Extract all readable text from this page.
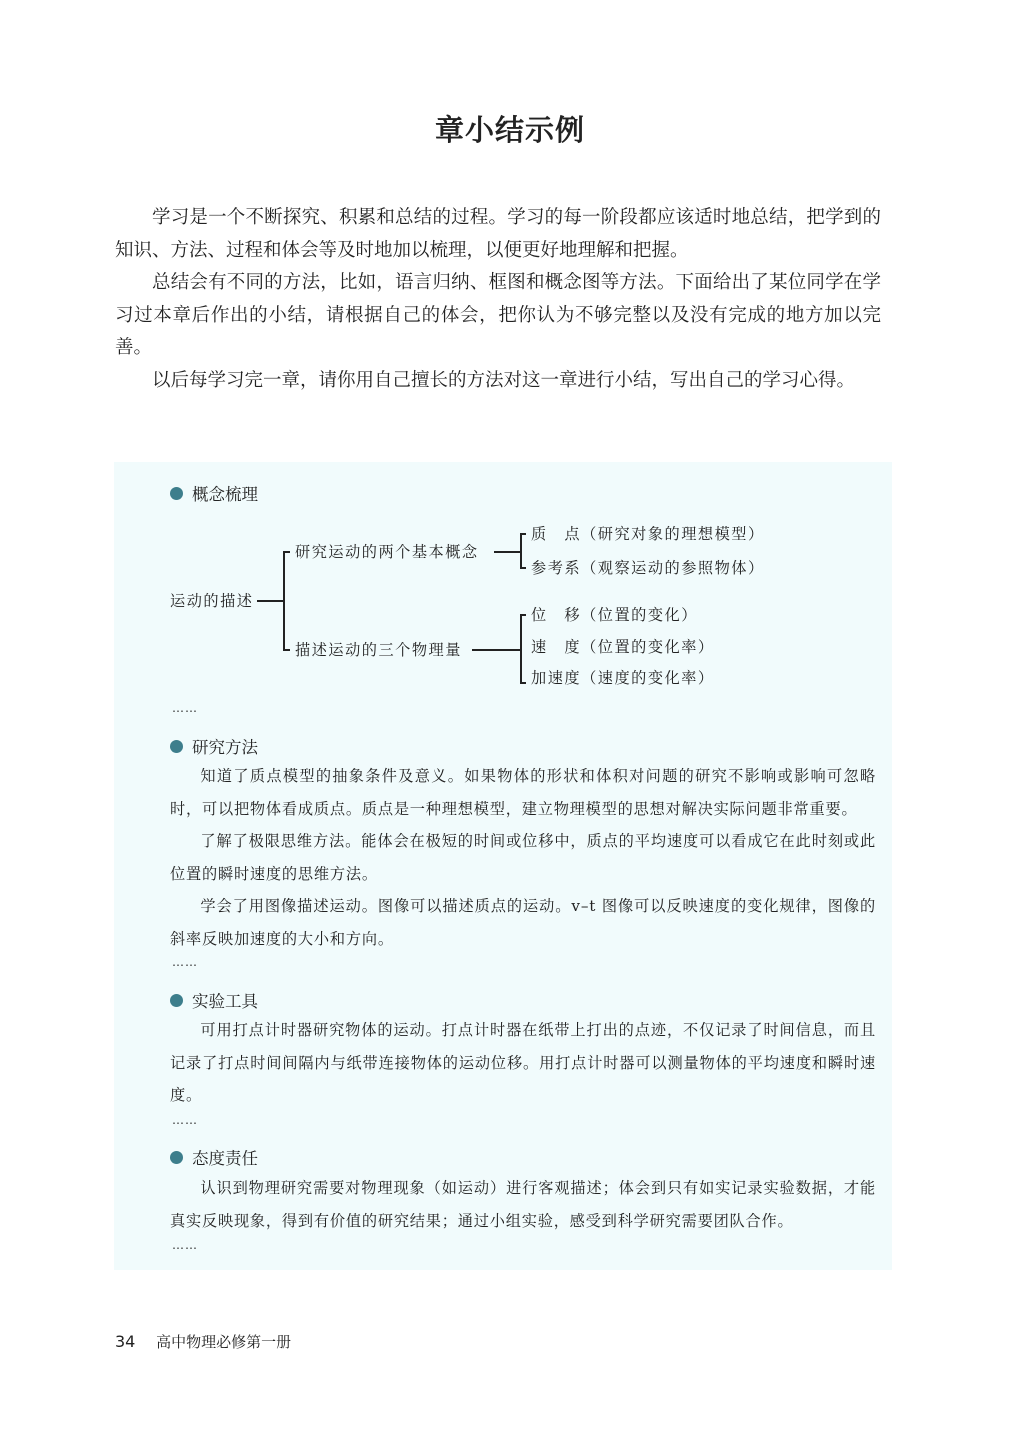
章小结示例

学习是一个不断探究、积累和总结的过程。学习的每一阶段都应该适时地总结，把学到的知识、方法、过程和体会等及时地加以梳理，以便更好地理解和把握。

总结会有不同的方法，比如，语言归纳、框图和概念图等方法。下面给出了某位同学在学习过本章后作出的小结，请根据自己的体会，把你认为不够完整以及没有完成的地方加以完善。

以后每学习完一章，请你用自己擅长的方法对这一章进行小结，写出自己的学习心得。

概念梳理
运动的描述
研究运动的两个基本概念
描述运动的三个物理量
质　点（研究对象的理想模型）
参考系（观察运动的参照物体）
位　移（位置的变化）
速　度（位置的变化率）
加速度（速度的变化率）
……
研究方法

知道了质点模型的抽象条件及意义。如果物体的形状和体积对问题的研究不影响或影响可忽略时，可以把物体看成质点。质点是一种理想模型，建立物理模型的思想对解决实际问题非常重要。

了解了极限思维方法。能体会在极短的时间或位移中，质点的平均速度可以看成它在此时刻或此位置的瞬时速度的思维方法。

学会了用图像描述运动。图像可以描述质点的运动。v–t 图像可以反映速度的变化规律，图像的斜率反映加速度的大小和方向。

……
实验工具

可用打点计时器研究物体的运动。打点计时器在纸带上打出的点迹，不仅记录了时间信息，而且记录了打点时间间隔内与纸带连接物体的运动位移。用打点计时器可以测量物体的平均速度和瞬时速度。

……
态度责任

认识到物理研究需要对物理现象（如运动）进行客观描述；体会到只有如实记录实验数据，才能真实反映现象，得到有价值的研究结果；通过小组实验，感受到科学研究需要团队合作。

……
34 高中物理必修第一册
